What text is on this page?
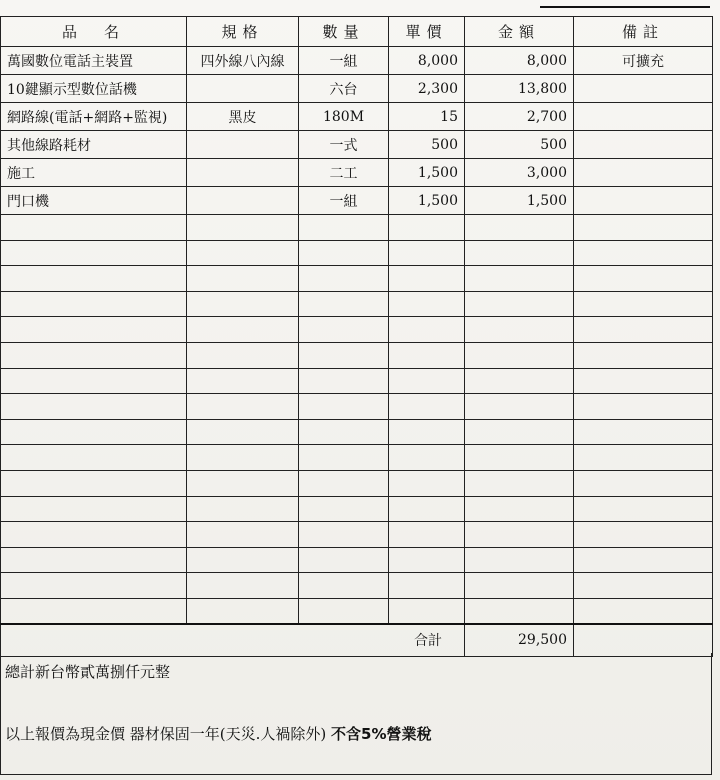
品　名	規格	數量	單價	金額	備註
萬國數位電話主裝置	四外線八內線	一組	8,000	8,000	可擴充
10鍵顯示型數位話機		六台	2,300	13,800	
網路線(電話+網路+監視)	黑皮	180M	15	2,700	
其他線路耗材		一式	500	500	
施工		二工	1,500	3,000	
門口機		一組	1,500	1,500	

合計				29,500	
總計新台幣貳萬捌仟元整
以上報價為現金價 器材保固一年(天災.人禍除外) 不含5%營業稅
